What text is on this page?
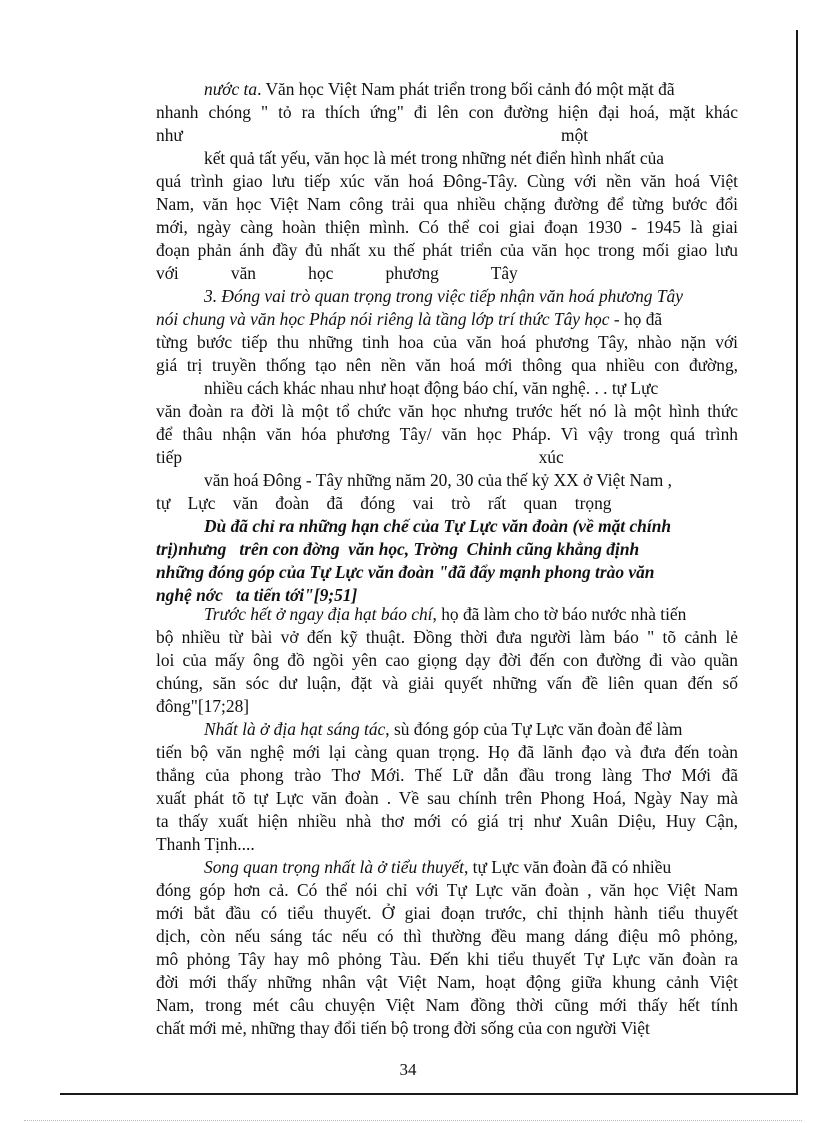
nước ta. Văn học Việt Nam phát triển trong bối cảnh đó một mặt đã
nhanh chóng " tỏ ra thích ứng" đi lên con đường hiện đại hoá, mặt khác
như                                                                                       một
kết quả tất yếu, văn học là mét trong những nét điển hình nhất của
quá trình giao lưu tiếp xúc văn hoá Đông-Tây. Cùng với nền văn hoá Việt
Nam, văn học Việt Nam công trải qua nhiều chặng đường để từng bước đổi
mới, ngày càng hoàn thiện mình. Có thể coi giai đoạn 1930 - 1945 là giai
đoạn phản ánh đầy đủ nhất xu thế phát triển của văn học trong mối giao lưu
với            văn            học            phương            Tây
3. Đóng vai trò quan trọng trong việc tiếp nhận văn hoá phương Tây
nói chung và văn học Pháp nói riêng là tầng lớp trí thức Tây học - họ đã
từng bước tiếp thu những tinh hoa của văn hoá phương Tây, nhào nặn với
giá trị truyền thống tạo nên nền văn hoá mới thông qua nhiều con đường,
nhiều cách khác nhau như hoạt động báo chí, văn nghệ. . . tự Lực
văn đoàn ra đời là một tổ chức văn học nhưng trước hết nó là một hình thức
để thâu nhận văn hóa phương Tây/ văn học Pháp. Vì vậy trong quá trình
tiếp                                                                                  xúc
văn hoá Đông - Tây những năm 20, 30 của thế kỷ XX ở Việt Nam ,
tự    Lực    văn    đoàn    đã    đóng    vai    trò    rất    quan    trọng
Dù đã chỉ ra những hạn chế của Tự Lực văn đoàn (về mặt chính
trị)nhưng   trên con đờng  văn học, Trờng  Chinh cũng khẳng định
những đóng góp của Tự Lực văn đoàn "đã đẩy mạnh phong trào văn
nghệ nớc   ta tiến tới"[9;51]
Trước hết ở ngay địa hạt báo chí, họ đã làm cho tờ báo nước nhà tiến
bộ nhiều từ bài vở đến kỹ thuật. Đồng thời đưa người làm báo " tõ cảnh lẻ
loi của mấy ông đồ ngồi yên cao giọng dạy đời đến con đường đi vào quần
chúng, săn sóc dư luận, đặt và giải quyết những vấn đề liên quan đến số
đông"[17;28]
Nhất là ở địa hạt sáng tác, sù đóng góp của Tự Lực văn đoàn để làm
tiến bộ văn nghệ mới lại càng quan trọng. Họ đã lãnh đạo và đưa đến toàn
thắng của phong trào Thơ Mới. Thế Lữ dẫn đầu trong làng Thơ Mới đã
xuất phát tõ tự Lực văn đoàn . Về sau chính trên Phong Hoá, Ngày Nay mà
ta thấy xuất hiện nhiều nhà thơ mới có giá trị như Xuân Diệu, Huy Cận,
Thanh Tịnh....
Song quan trọng nhất là ở tiểu thuyết, tự Lực văn đoàn đã có nhiều
đóng góp hơn cả. Có thể nói chỉ với Tự Lực văn đoàn , văn học Việt Nam
mới bắt đầu có tiểu thuyết. Ở giai đoạn trước, chỉ thịnh hành tiểu thuyết
dịch, còn nếu sáng tác nếu có thì thường đều mang dáng điệu mô phỏng,
mô phỏng Tây hay mô phỏng Tàu. Đến khi tiểu thuyết Tự Lực văn đoàn ra
đời mới thấy những nhân vật Việt Nam, hoạt động giữa khung cảnh Việt
Nam, trong mét câu chuyện Việt Nam đồng thời cũng mới thấy hết tính
chất mới mẻ, những thay đổi tiến bộ trong đời sống của con người Việt
34
